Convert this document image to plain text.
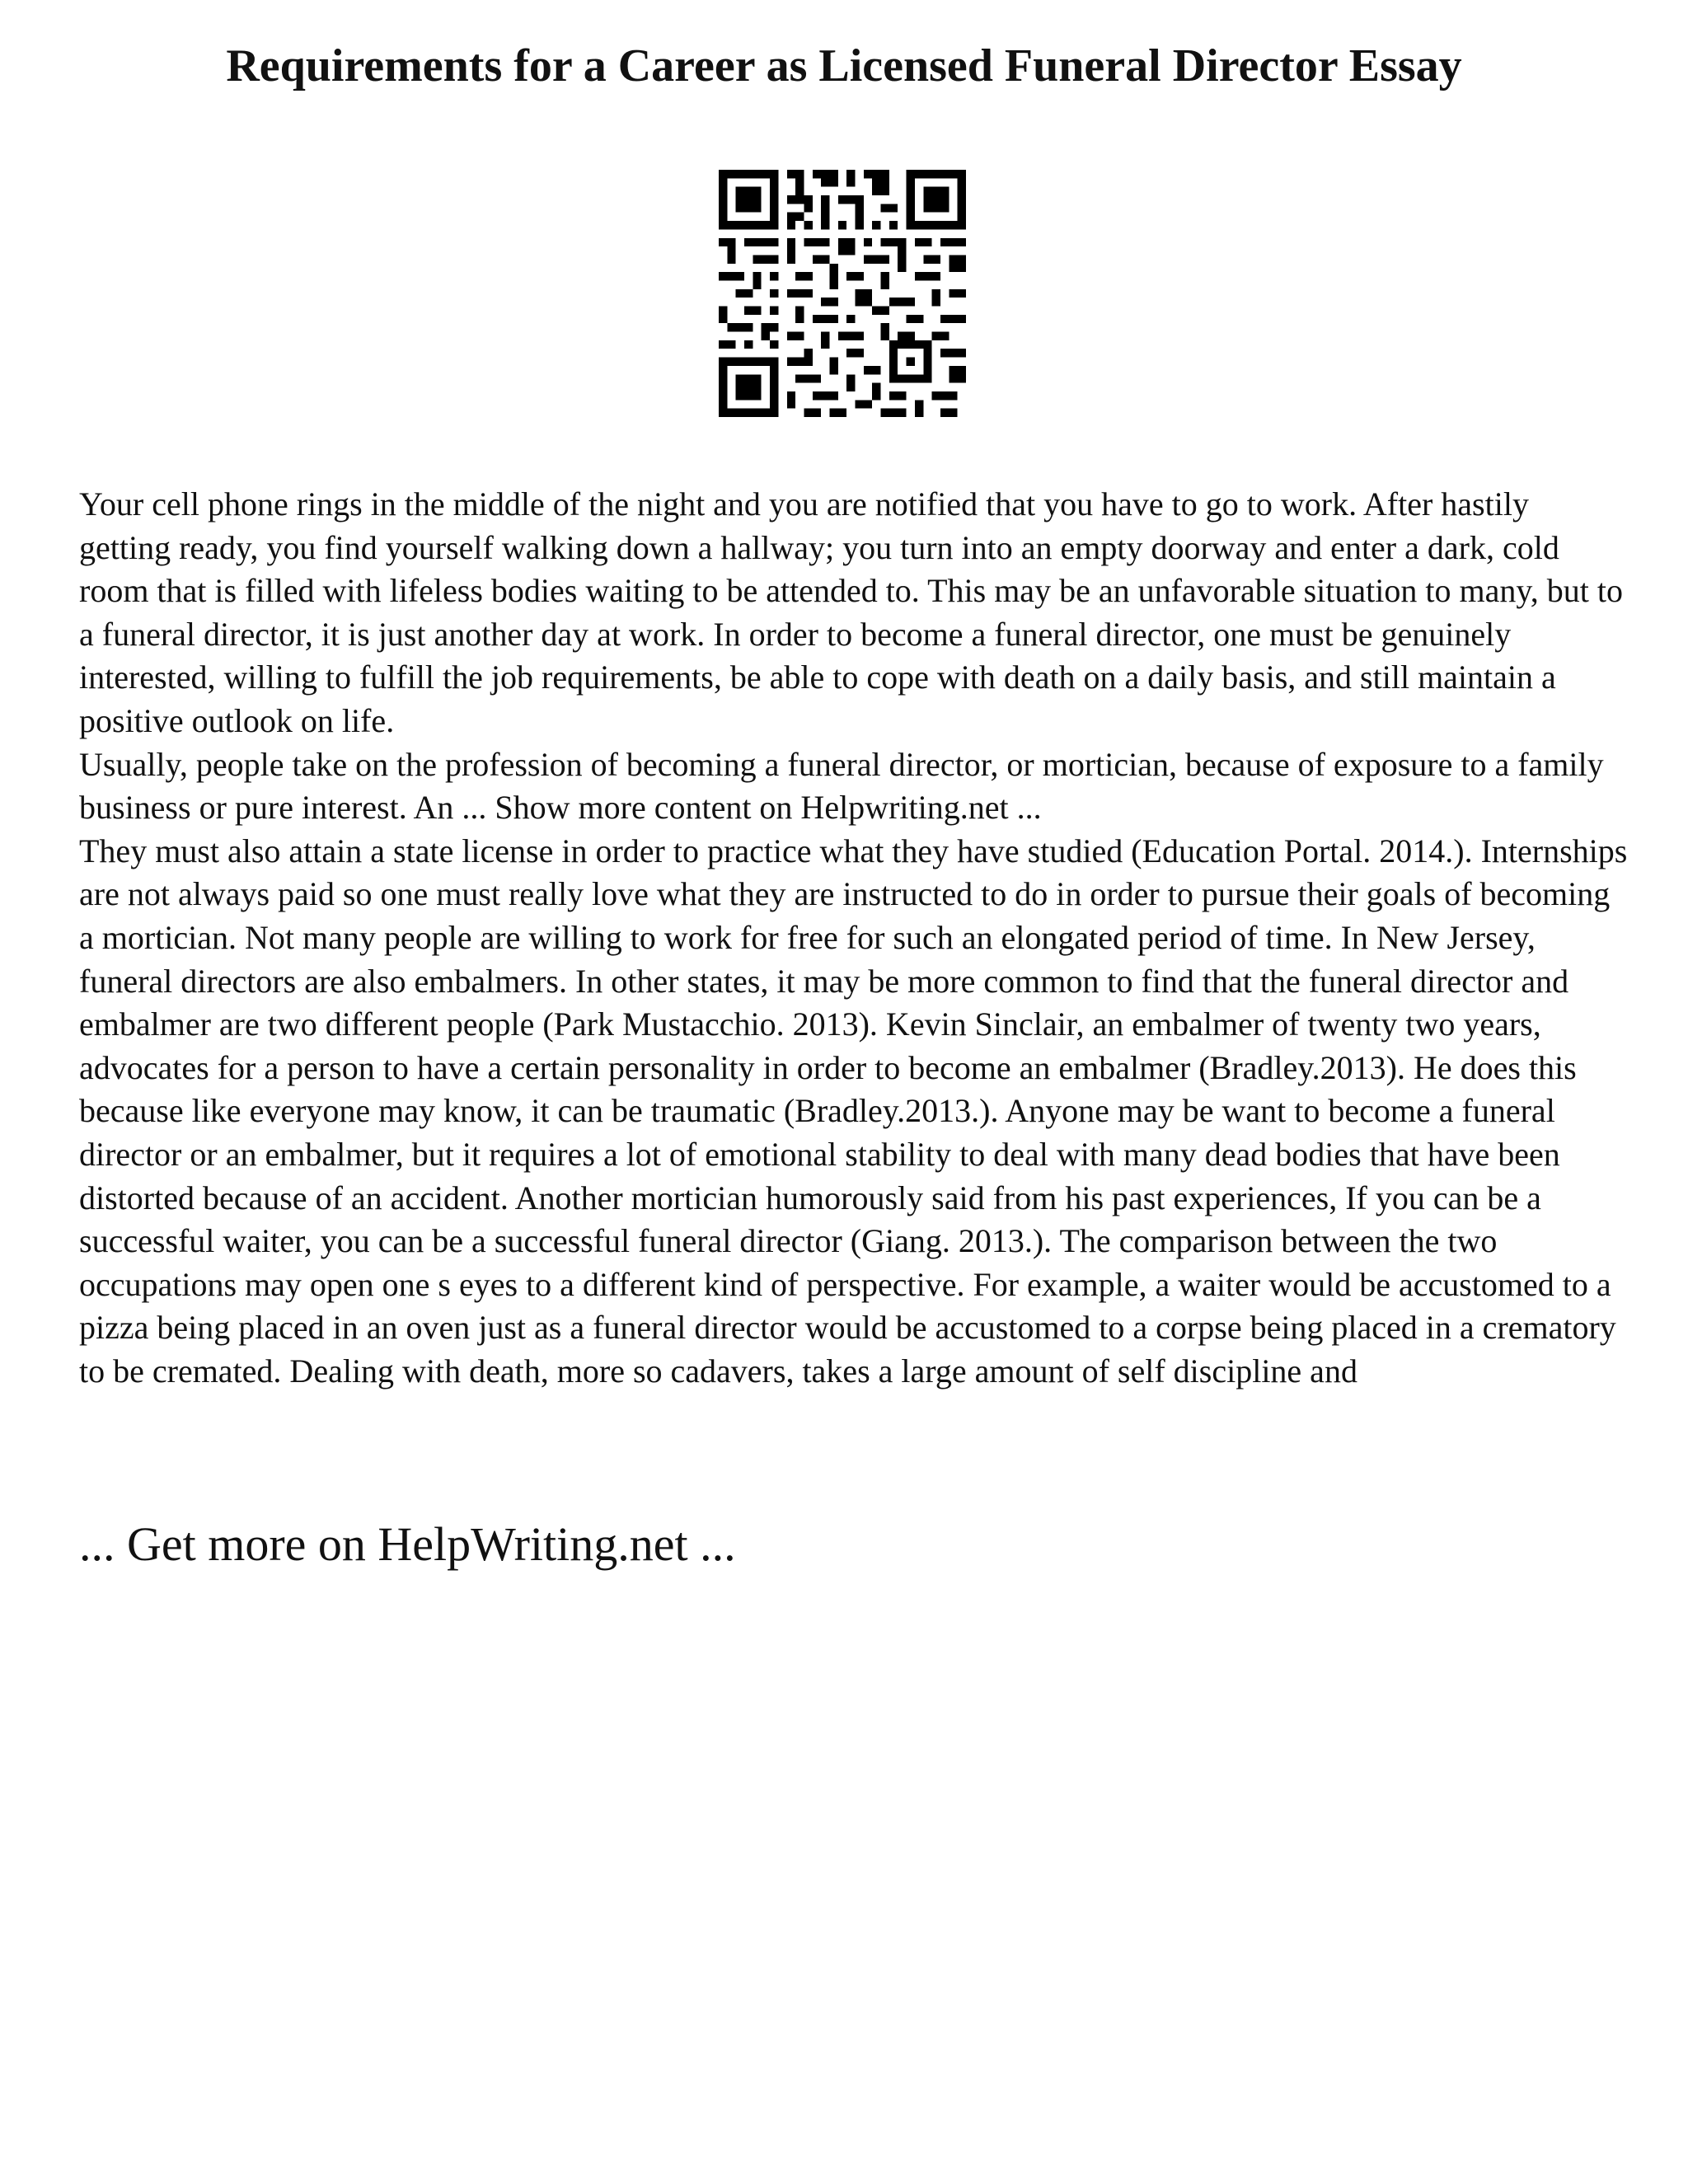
Requirements for a Career as Licensed Funeral Director Essay

Your cell phone rings in the middle of the night and you are notified that you have to go to work. After hastily getting ready, you find yourself walking down a hallway; you turn into an empty doorway and enter a dark, cold room that is filled with lifeless bodies waiting to be attended to. This may be an unfavorable situation to many, but to a funeral director, it is just another day at work. In order to become a funeral director, one must be genuinely interested, willing to fulfill the job requirements, be able to cope with death on a daily basis, and still maintain a positive outlook on life.

Usually, people take on the profession of becoming a funeral director, or mortician, because of exposure to a family business or pure interest. An ... Show more content on Helpwriting.net ...

They must also attain a state license in order to practice what they have studied (Education Portal. 2014.). Internships are not always paid so one must really love what they are instructed to do in order to pursue their goals of becoming a mortician. Not many people are willing to work for free for such an elongated period of time. In New Jersey, funeral directors are also embalmers. In other states, it may be more common to find that the funeral director and embalmer are two different people (Park Mustacchio. 2013). Kevin Sinclair, an embalmer of twenty two years, advocates for a person to have a certain personality in order to become an embalmer (Bradley.2013). He does this because like everyone may know, it can be traumatic (Bradley.2013.). Anyone may be want to become a funeral director or an embalmer, but it requires a lot of emotional stability to deal with many dead bodies that have been distorted because of an accident. Another mortician humorously said from his past experiences, If you can be a successful waiter, you can be a successful funeral director (Giang. 2013.). The comparison between the two occupations may open one s eyes to a different kind of perspective. For example, a waiter would be accustomed to a pizza being placed in an oven just as a funeral director would be accustomed to a corpse being placed in a crematory to be cremated. Dealing with death, more so cadavers, takes a large amount of self discipline and

... Get more on HelpWriting.net ...
